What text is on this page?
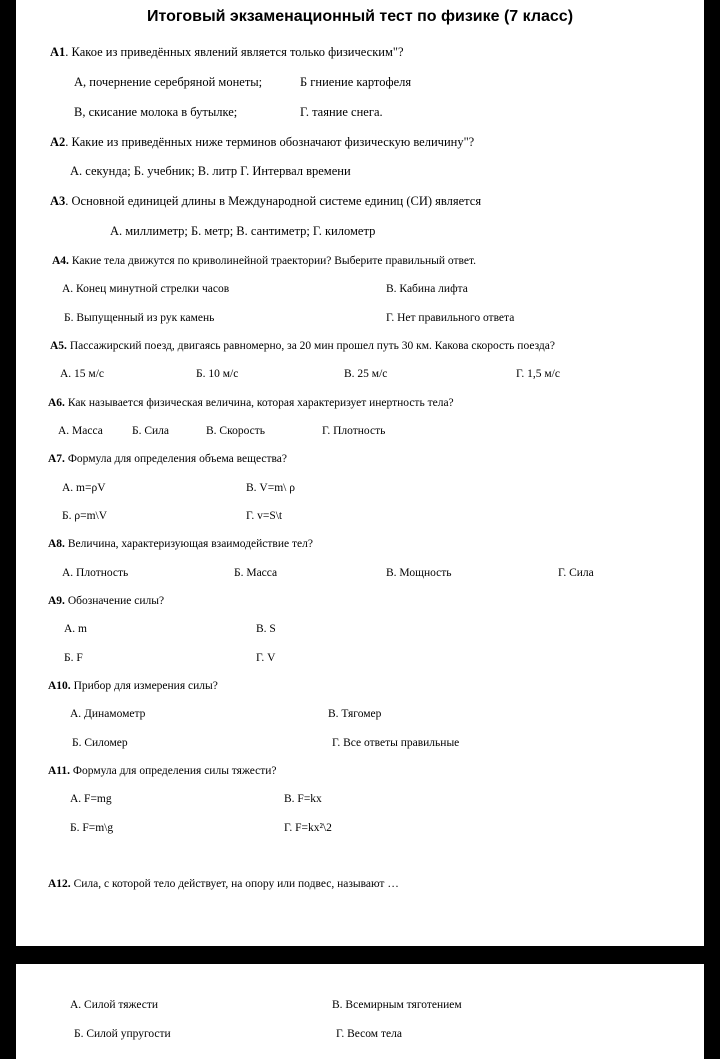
Итоговый экзаменационный тест по физике (7 класс)
A1. Какое из приведённых явлений является только физическим"?
А, почернение серебряной монеты;	Б гниение картофеля
В, скисание молока в бутылке;	Г. таяние снега.
A2. Какие из приведённых ниже терминов обозначают физическую величину"?
А. секунда; Б. учебник; В. литр Г. Интервал времени
A3. Основной единицей длины в Международной системе единиц (СИ) является
А. миллиметр; Б. метр; В. сантиметр; Г. километр
A4. Какие тела движутся по криволинейной траектории? Выберите правильный ответ.
А. Конец минутной стрелки часов	В. Кабина лифта
Б. Выпущенный из рук камень	Г. Нет правильного ответа
A5. Пассажирский поезд, двигаясь равномерно, за 20 мин прошел путь 30 км. Какова скорость поезда?
А. 15 м/с	Б. 10 м/с	В. 25 м/с	Г. 1,5 м/с
A6. Как называется физическая величина, которая характеризует инертность тела?
А. Масса	Б. Сила	В. Скорость	Г. Плотность
A7. Формула для определения объема вещества?
А. m=ρV	В. V=m\ ρ
Б. ρ=m\V	Г. v=S\t
A8. Величина, характеризующая взаимодействие тел?
А. Плотность	Б. Масса	В. Мощность	Г. Сила
A9. Обозначение силы?
А. m	В. S
Б. F	Г. V
A10. Прибор для измерения силы?
А. Динамометр	В. Тягомер
Б. Силомер	Г. Все ответы правильные
A11. Формула для определения силы тяжести?
А. F=mg	В. F=kx
Б. F=m\g	Г. F=kx²\2
A12. Сила, с которой тело действует, на опору или подвес, называют …
А. Силой тяжести	В. Всемирным тяготением
Б. Силой упругости	Г. Весом тела
